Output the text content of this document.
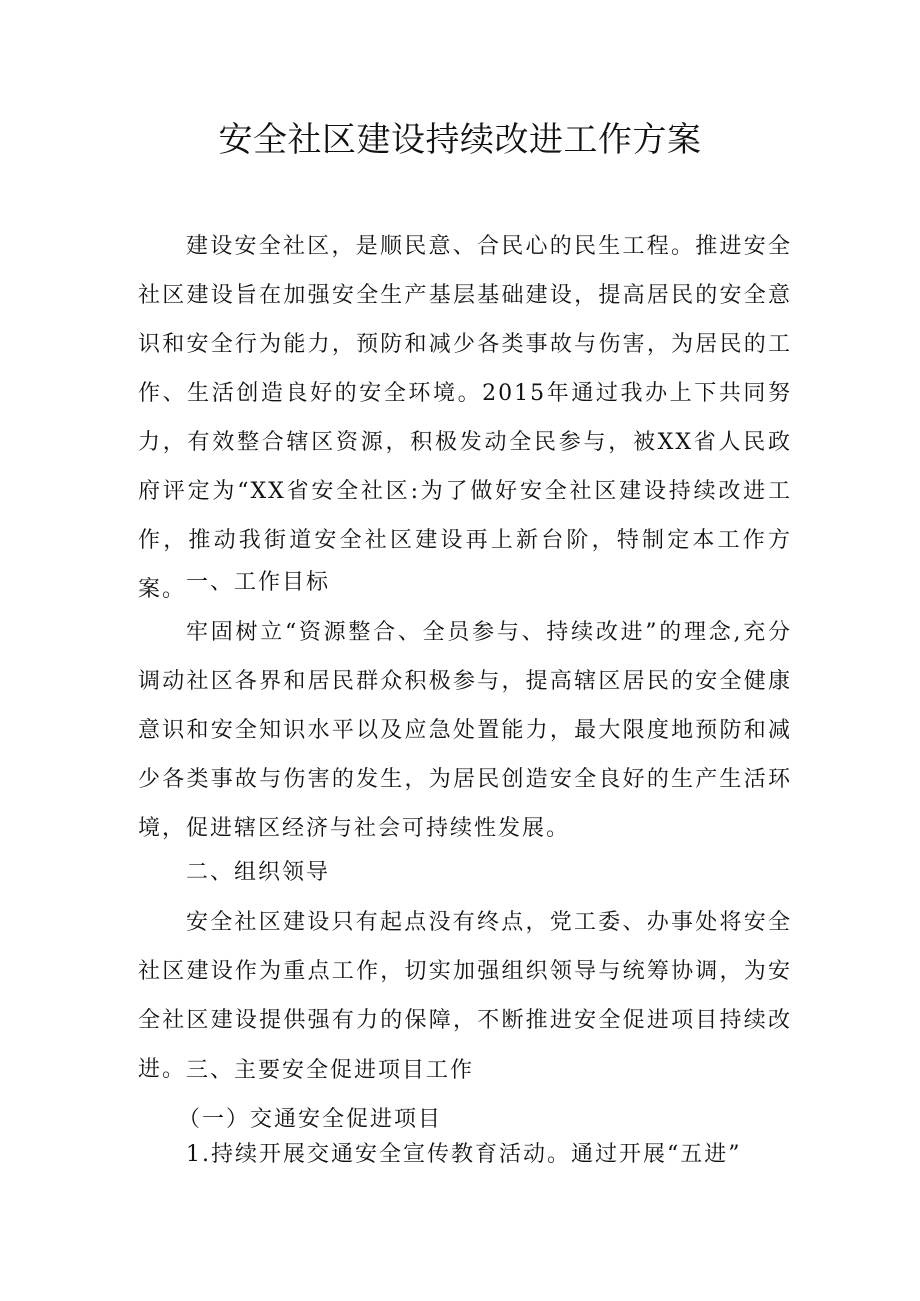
安全社区建设持续改进工作方案

建设安全社区，是顺民意、合民心的民生工程。推进安全社区建设旨在加强安全生产基层基础建设，提高居民的安全意识和安全行为能力，预防和减少各类事故与伤害，为居民的工作、生活创造良好的安全环境。2015年通过我办上下共同努力，有效整合辖区资源，积极发动全民参与，被XX省人民政府评定为“XX省安全社区:为了做好安全社区建设持续改进工作，推动我街道安全社区建设再上新台阶，特制定本工作方案。 一、工作目标

牢固树立“资源整合、全员参与、持续改进”的理念,充分调动社区各界和居民群众积极参与，提高辖区居民的安全健康意识和安全知识水平以及应急处置能力，最大限度地预防和减少各类事故与伤害的发生，为居民创造安全良好的生产生活环境，促进辖区经济与社会可持续性发展。

二、组织领导

安全社区建设只有起点没有终点，党工委、办事处将安全社区建设作为重点工作，切实加强组织领导与统筹协调，为安全社区建设提供强有力的保障，不断推进安全促进项目持续改进。 三、主要安全促进项目工作

（一）交通安全促进项目

1.持续开展交通安全宣传教育活动。通过开展“五进”
